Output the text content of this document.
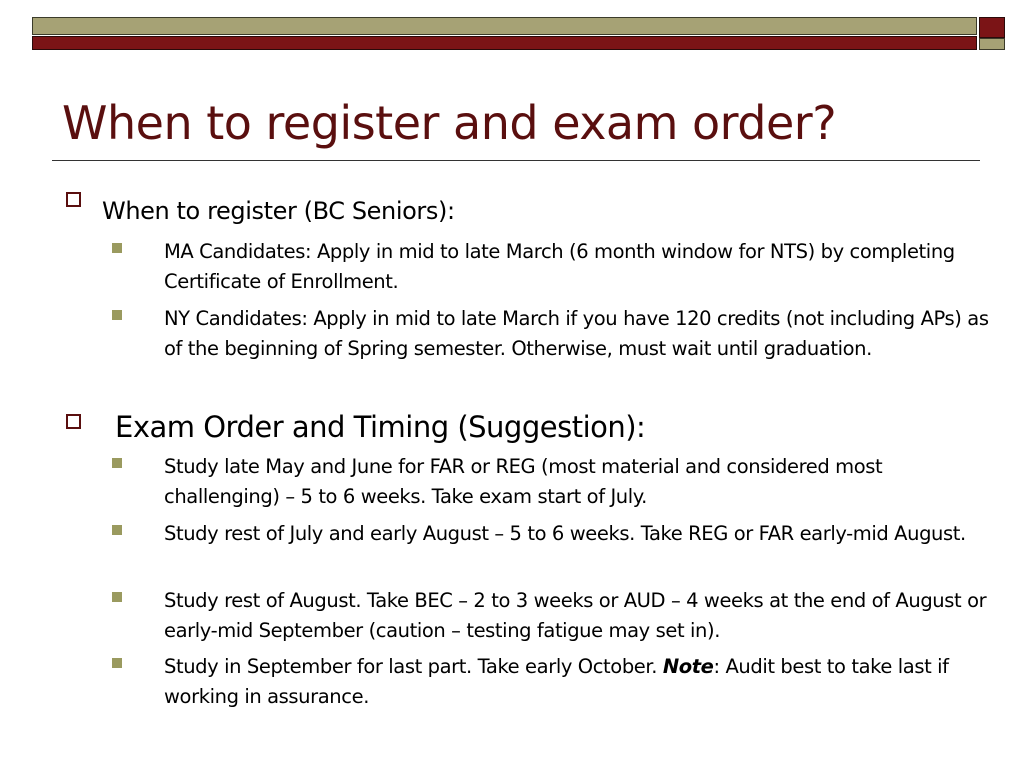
When to register and exam order?
When to register (BC Seniors):
MA Candidates: Apply in mid to late March (6 month window for NTS) by completing Certificate of Enrollment.
NY Candidates: Apply in mid to late March if you have 120 credits (not including APs) as of the beginning of Spring semester. Otherwise, must wait until graduation.
Exam Order and Timing (Suggestion):
Study late May and June for FAR or REG (most material and considered most challenging) – 5 to 6 weeks. Take exam start of July.
Study rest of July and early August – 5 to 6 weeks. Take REG or FAR early-mid August.
Study rest of August. Take BEC – 2 to 3 weeks or AUD – 4 weeks at the end of August or early-mid September (caution – testing fatigue may set in).
Study in September for last part. Take early October. Note: Audit best to take last if working in assurance.
